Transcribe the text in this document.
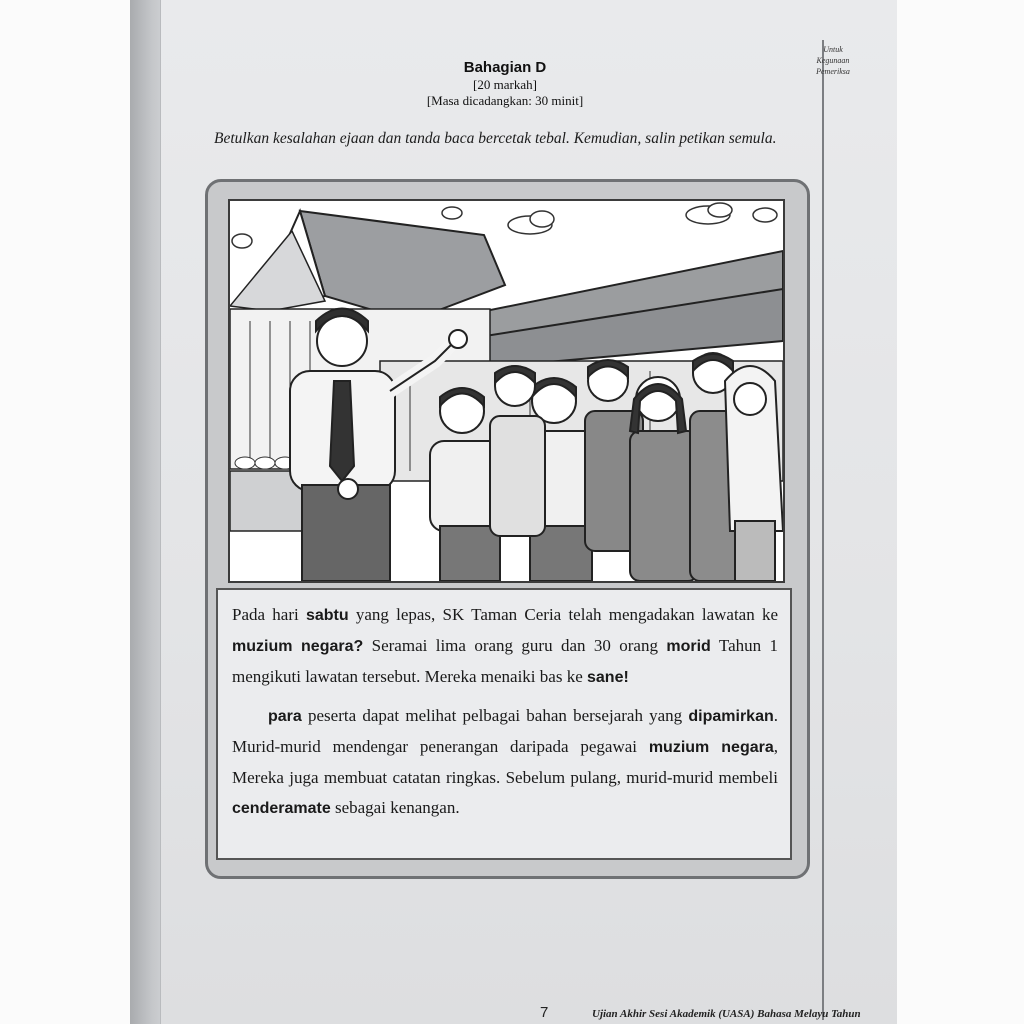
Untuk
Kegunaan
Pemeriksa
Bahagian D
[20 markah]
[Masa dicadangkan: 30 minit]
Betulkan kesalahan ejaan dan tanda baca bercetak tebal. Kemudian, salin petikan semula.

Pada hari sabtu yang lepas, SK Taman Ceria telah mengadakan lawatan ke muzium negara? Seramai lima orang guru dan 30 orang morid Tahun 1 mengikuti lawatan tersebut. Mereka menaiki bas ke sane!

para peserta dapat melihat pelbagai bahan bersejarah yang dipamirkan. Murid-murid mendengar penerangan daripada pegawai muzium negara, Mereka juga membuat catatan ringkas. Sebelum pulang, murid-murid membeli cenderamate sebagai kenangan.

7	Ujian Akhir Sesi Akademik (UASA) Bahasa Melayu Tahun
